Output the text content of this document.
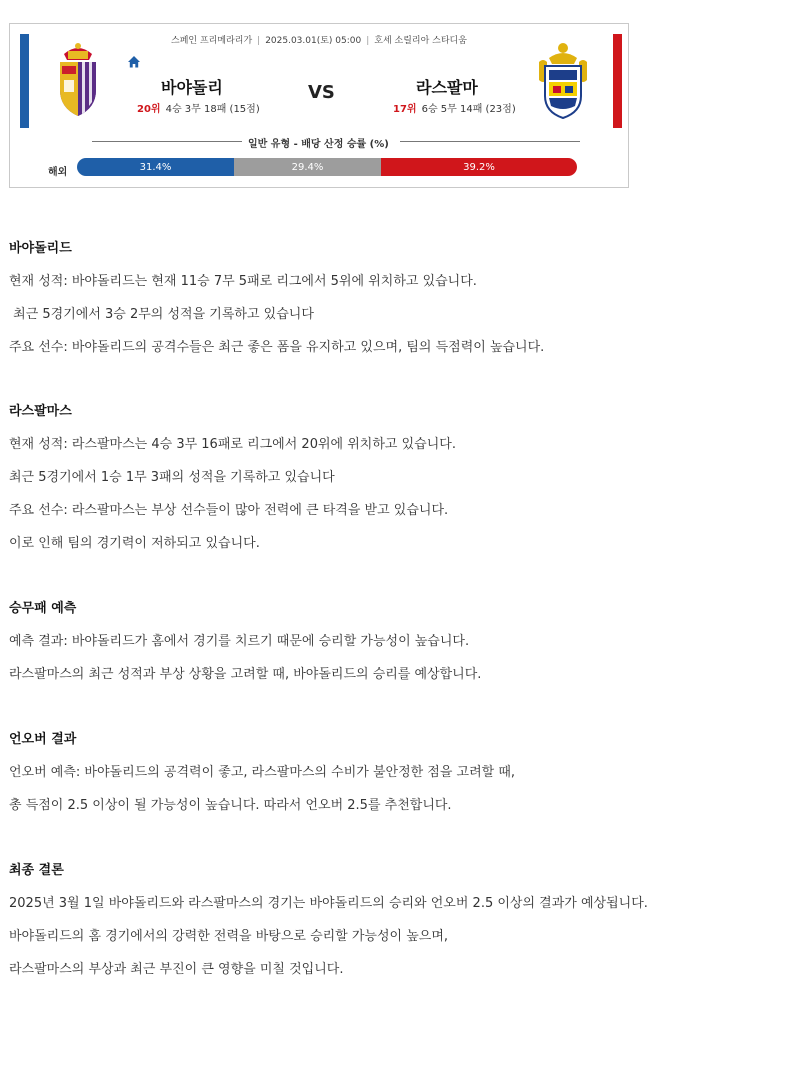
스페인 프리메라리가 | 2025.03.01(토) 05:00 | 호세 소릴리아 스타디움
바야돌리	VS	라스팔마
20위 4승 3무 18패 (15점)	17위 6승 5무 14패 (23점)
일반 유형 - 배당 산정 승률 (%)
해외	31.4%	29.4%	39.2%
바야돌리드
현재 성적: 바야돌리드는 현재 11승 7무 5패로 리그에서 5위에 위치하고 있습니다.
최근 5경기에서 3승 2무의 성적을 기록하고 있습니다
주요 선수: 바야돌리드의 공격수들은 최근 좋은 폼을 유지하고 있으며, 팀의 득점력이 높습니다.
라스팔마스
현재 성적: 라스팔마스는 4승 3무 16패로 리그에서 20위에 위치하고 있습니다.
최근 5경기에서 1승 1무 3패의 성적을 기록하고 있습니다
주요 선수: 라스팔마스는 부상 선수들이 많아 전력에 큰 타격을 받고 있습니다.
이로 인해 팀의 경기력이 저하되고 있습니다.
승무패 예측
예측 결과: 바야돌리드가 홈에서 경기를 치르기 때문에 승리할 가능성이 높습니다.
라스팔마스의 최근 성적과 부상 상황을 고려할 때, 바야돌리드의 승리를 예상합니다.
언오버 결과
언오버 예측: 바야돌리드의 공격력이 좋고, 라스팔마스의 수비가 불안정한 점을 고려할 때,
총 득점이 2.5 이상이 될 가능성이 높습니다. 따라서 언오버 2.5를 추천합니다.
최종 결론
2025년 3월 1일 바야돌리드와 라스팔마스의 경기는 바야돌리드의 승리와 언오버 2.5 이상의 결과가 예상됩니다.
바야돌리드의 홈 경기에서의 강력한 전력을 바탕으로 승리할 가능성이 높으며,
라스팔마스의 부상과 최근 부진이 큰 영향을 미칠 것입니다.
